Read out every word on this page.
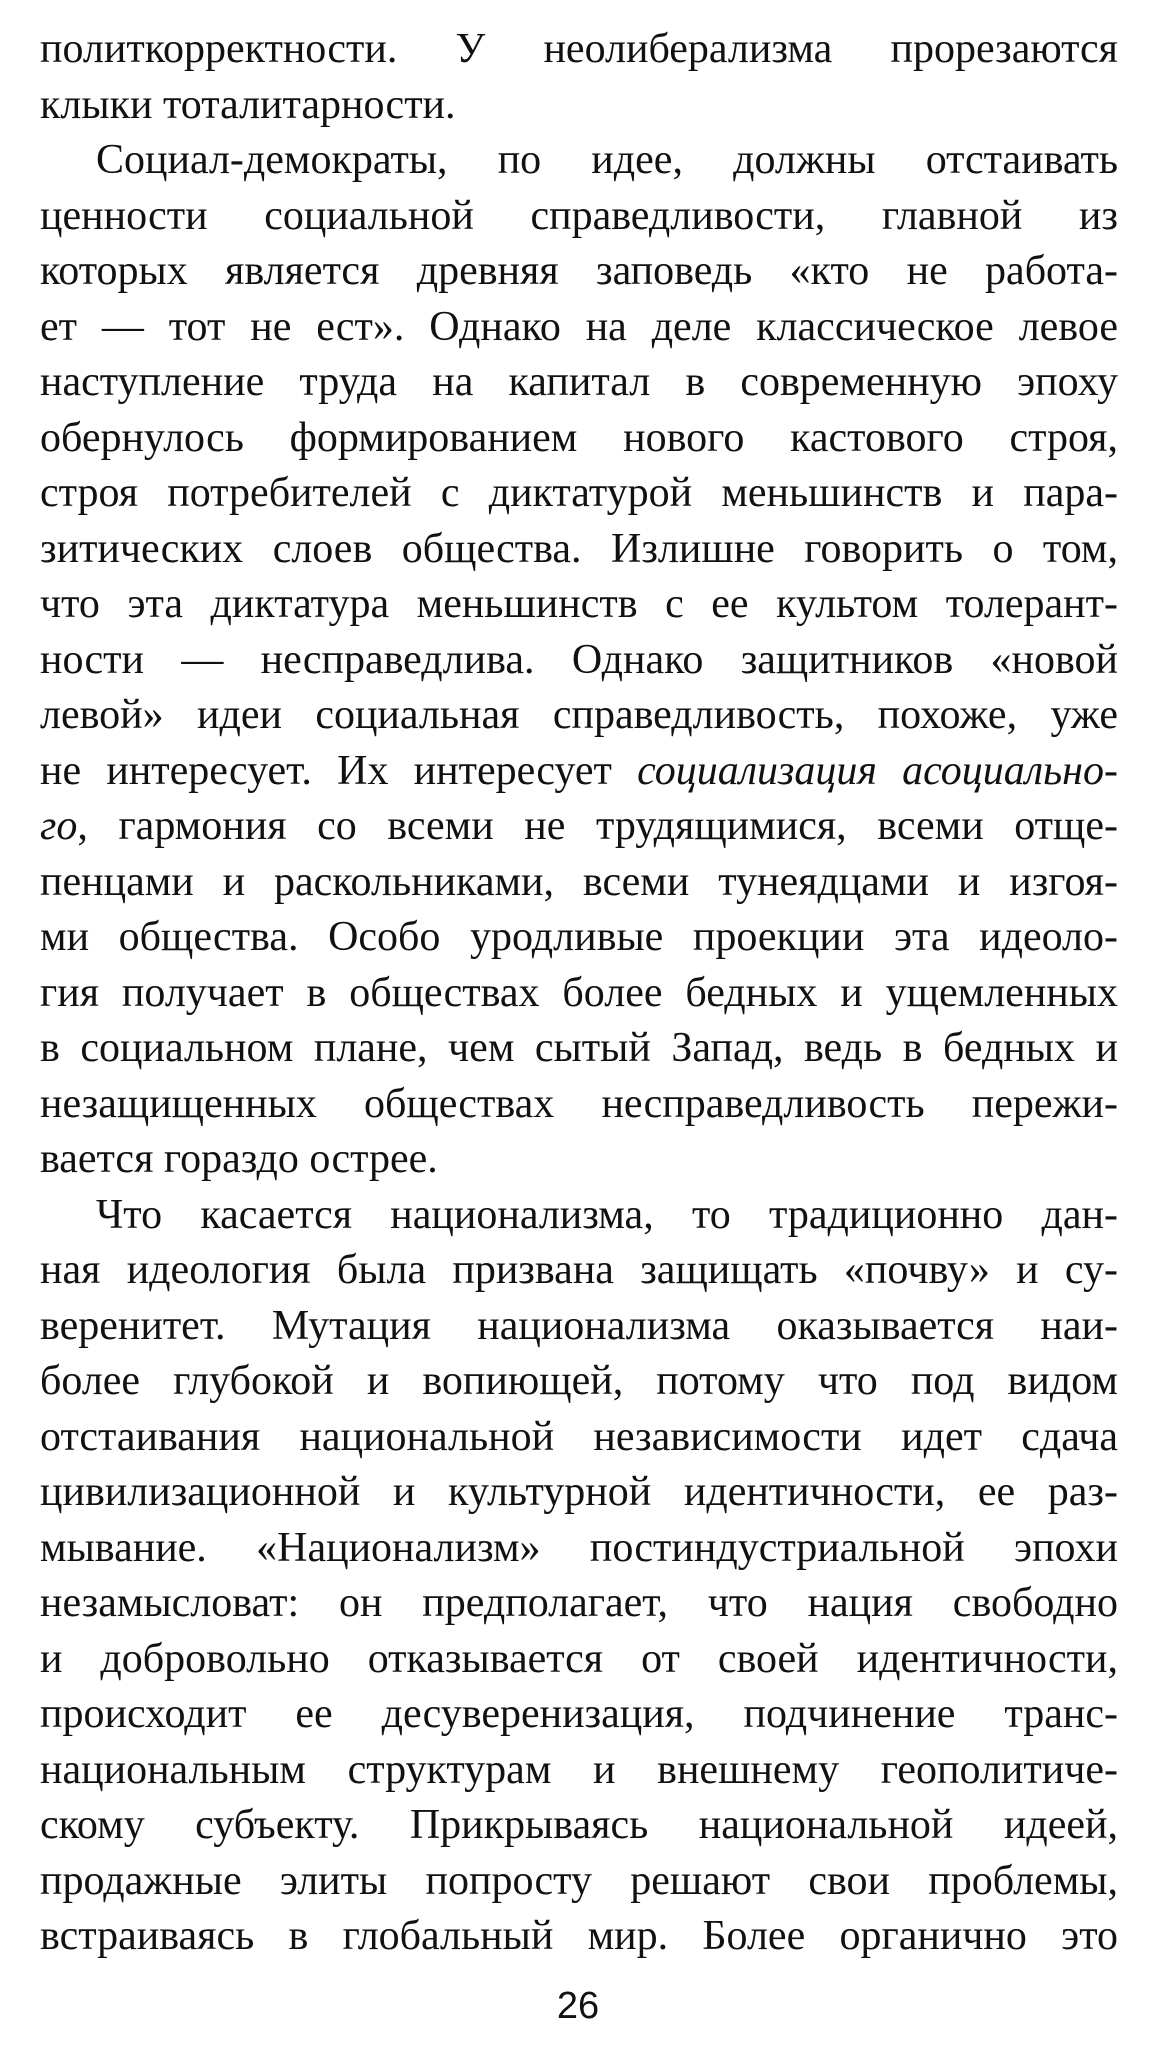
политкорректности. У неолиберализма прорезаются
клыки тоталитарности.
Социал-демократы, по идее, должны отстаивать
ценности социальной справедливости, главной из
которых является древняя заповедь «кто не работа-
ет — тот не ест». Однако на деле классическое левое
наступление труда на капитал в современную эпоху
обернулось формированием нового кастового строя,
строя потребителей с диктатурой меньшинств и пара-
зитических слоев общества. Излишне говорить о том,
что эта диктатура меньшинств с ее культом толерант-
ности — несправедлива. Однако защитников «новой
левой» идеи социальная справедливость, похоже, уже
не интересует. Их интересует социализация асоциально-
го, гармония со всеми не трудящимися, всеми отще-
пенцами и раскольниками, всеми тунеядцами и изгоя-
ми общества. Особо уродливые проекции эта идеоло-
гия получает в обществах более бедных и ущемленных
в социальном плане, чем сытый Запад, ведь в бедных и
незащищенных обществах несправедливость пережи-
вается гораздо острее.
Что касается национализма, то традиционно дан-
ная идеология была призвана защищать «почву» и су-
веренитет. Мутация национализма оказывается наи-
более глубокой и вопиющей, потому что под видом
отстаивания национальной независимости идет сдача
цивилизационной и культурной идентичности, ее раз-
мывание. «Национализм» постиндустриальной эпохи
незамысловат: он предполагает, что нация свободно
и добровольно отказывается от своей идентичности,
происходит ее десуверенизация, подчинение транс-
национальным структурам и внешнему геополитиче-
скому субъекту. Прикрываясь национальной идеей,
продажные элиты попросту решают свои проблемы,
встраиваясь в глобальный мир. Более органично это
26
